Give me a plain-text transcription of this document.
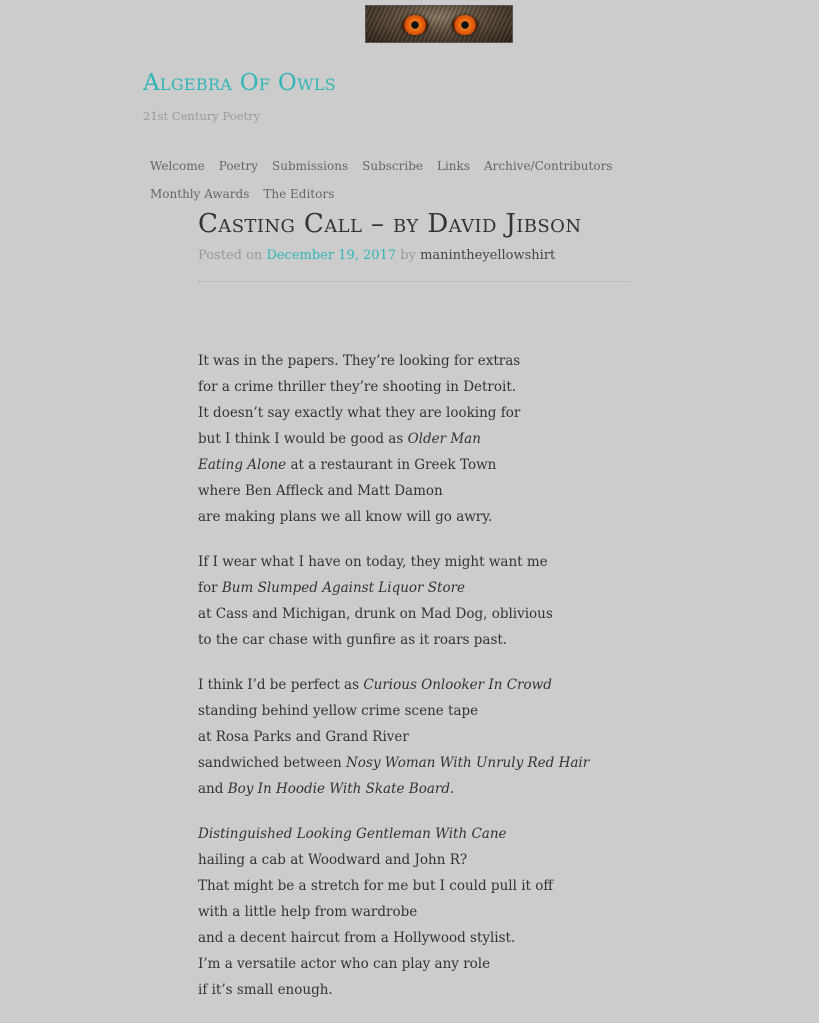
Algebra Of Owls
21st Century Poetry
Welcome	Poetry	Submissions	Subscribe	Links	Archive/Contributors
Monthly Awards	The Editors
Casting Call – by David Jibson
Posted on December 19, 2017 by manintheyellowshirt
It was in the papers. They’re looking for extras
for a crime thriller they’re shooting in Detroit.
It doesn’t say exactly what they are looking for
but I think I would be good as Older Man
Eating Alone at a restaurant in Greek Town
where Ben Affleck and Matt Damon
are making plans we all know will go awry.
If I wear what I have on today, they might want me
for Bum Slumped Against Liquor Store
at Cass and Michigan, drunk on Mad Dog, oblivious
to the car chase with gunfire as it roars past.
I think I’d be perfect as Curious Onlooker In Crowd
standing behind yellow crime scene tape
at Rosa Parks and Grand River
sandwiched between Nosy Woman With Unruly Red Hair
and Boy In Hoodie With Skate Board.
Distinguished Looking Gentleman With Cane
hailing a cab at Woodward and John R?
That might be a stretch for me but I could pull it off
with a little help from wardrobe
and a decent haircut from a Hollywood stylist.
I’m a versatile actor who can play any role
if it’s small enough.
